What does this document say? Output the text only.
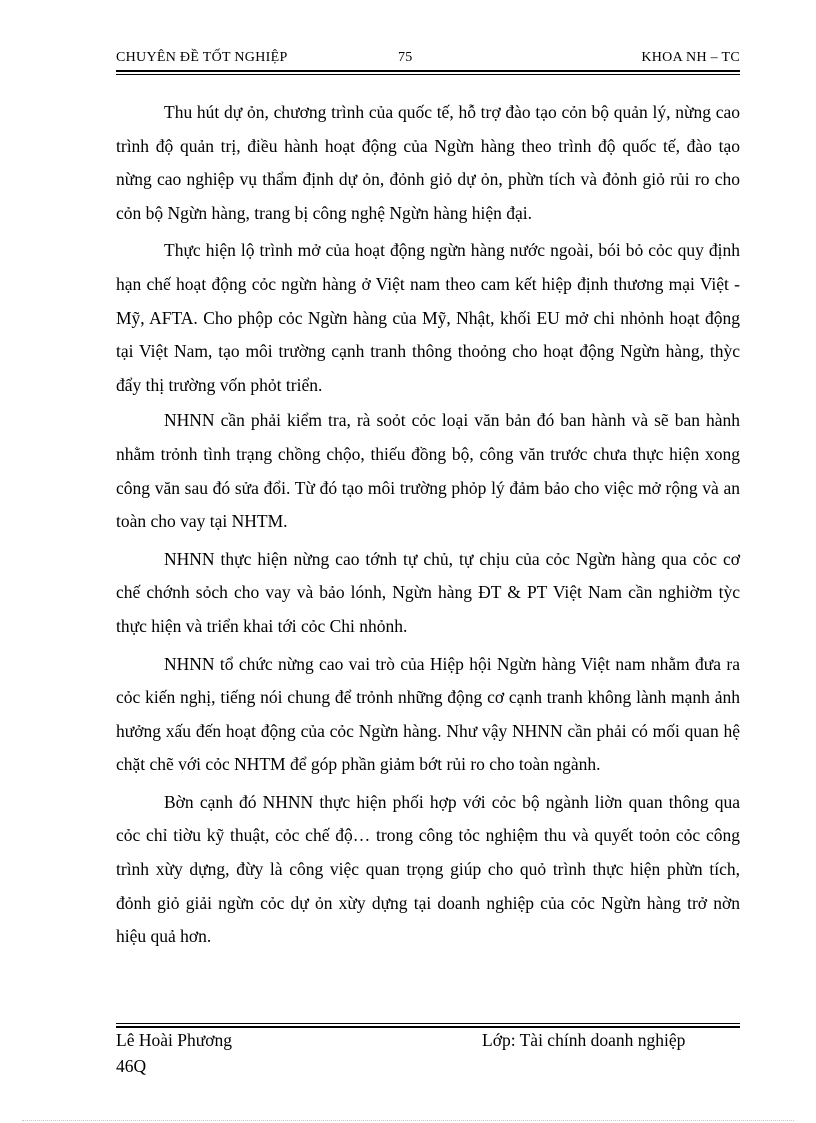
CHUYÊN ĐỀ TỐT NGHIỆP	75	KHOA NH – TC

Thu hút dự ỏn, chương trình của quốc tế, hỗ trợ đào tạo cỏn bộ quản lý, nừng cao trình độ quản trị, điều hành hoạt động của Ngừn hàng theo trình độ quốc tế, đào tạo nừng cao nghiệp vụ thẩm định dự ỏn, đỏnh giỏ dự ỏn, phừn tích và đỏnh giỏ rủi ro cho cỏn bộ Ngừn hàng, trang bị công nghệ Ngừn hàng hiện đại.

Thực hiện lộ trình mở của hoạt động ngừn hàng nước ngoài, bói bỏ cỏc quy định hạn chế hoạt động cỏc ngừn hàng ở Việt nam theo cam kết hiệp định thương mại Việt - Mỹ, AFTA. Cho phộp cỏc Ngừn hàng của Mỹ, Nhật, khối EU mở chi nhỏnh hoạt động tại Việt Nam, tạo môi trường cạnh tranh thông thoỏng cho hoạt động Ngừn hàng, thỳc đẩy thị trường vốn phỏt triển.

NHNN cần phải kiểm tra, rà soỏt cỏc loại văn bản đó ban hành và sẽ ban hành nhằm trỏnh tình trạng chồng chộo, thiếu đồng bộ, công văn trước chưa thực hiện xong công văn sau đó sửa đổi. Từ đó tạo môi trường phỏp lý đảm bảo cho việc mở rộng và an toàn cho vay tại NHTM.

NHNN thực hiện nừng cao tớnh tự chủ, tự chịu của cỏc Ngừn hàng qua cỏc cơ chế chớnh sỏch cho vay và bảo lónh, Ngừn hàng ĐT & PT Việt Nam cần nghiờm tỳc thực hiện và triển khai tới cỏc Chi nhỏnh.

NHNN tổ chức nừng cao vai trò của Hiệp hội Ngừn hàng Việt nam nhằm đưa ra cỏc kiến nghị, tiếng nói chung để trỏnh những động cơ cạnh tranh không lành mạnh ảnh hưởng xấu đến hoạt động của cỏc Ngừn hàng. Như vậy NHNN cần phải có mối quan hệ chặt chẽ với cỏc NHTM để góp phần giảm bớt rủi ro cho toàn ngành.

Bờn cạnh đó NHNN thực hiện phối hợp với cỏc bộ ngành liờn quan thông qua cỏc chỉ tiờu kỹ thuật, cỏc chế độ… trong công tỏc nghiệm thu và quyết toỏn cỏc công trình xừy dựng, đừy là công việc quan trọng giúp cho quỏ trình thực hiện phừn tích, đỏnh giỏ giải ngừn cỏc dự ỏn xừy dựng tại doanh nghiệp của cỏc Ngừn hàng trở nờn hiệu quả hơn.

Lê Hoài Phương	Lớp: Tài chính doanh nghiệp
46Q
